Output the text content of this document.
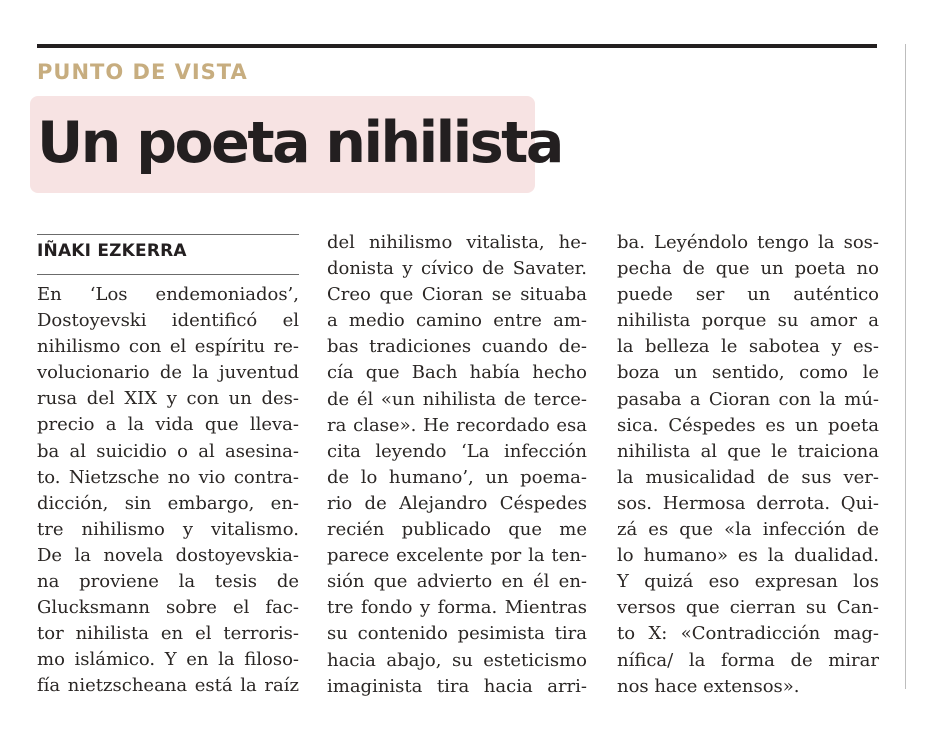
PUNTO DE VISTA
Un poeta nihilista
IÑAKI EZKERRA
En ‘Los endemoniados’,
Dostoyevski identificó el
nihilismo con el espíritu re-
volucionario de la juventud
rusa del XIX y con un des-
precio a la vida que lleva-
ba al suicidio o al asesina-
to. Nietzsche no vio contra-
dicción, sin embargo, en-
tre nihilismo y vitalismo.
De la novela dostoyevskia-
na proviene la tesis de
Glucksmann sobre el fac-
tor nihilista en el terroris-
mo islámico. Y en la filoso-
fía nietzscheana está la raíz
del nihilismo vitalista, he-
donista y cívico de Savater.
Creo que Cioran se situaba
a medio camino entre am-
bas tradiciones cuando de-
cía que Bach había hecho
de él «un nihilista de terce-
ra clase». He recordado esa
cita leyendo ‘La infección
de lo humano’, un poema-
rio de Alejandro Céspedes
recién publicado que me
parece excelente por la ten-
sión que advierto en él en-
tre fondo y forma. Mientras
su contenido pesimista tira
hacia abajo, su esteticismo
imaginista tira hacia arri-
ba. Leyéndolo tengo la sos-
pecha de que un poeta no
puede ser un auténtico
nihilista porque su amor a
la belleza le sabotea y es-
boza un sentido, como le
pasaba a Cioran con la mú-
sica. Céspedes es un poeta
nihilista al que le traiciona
la musicalidad de sus ver-
sos. Hermosa derrota. Qui-
zá es que «la infección de
lo humano» es la dualidad.
Y quizá eso expresan los
versos que cierran su Can-
to X: «Contradicción mag-
nífica/ la forma de mirar
nos hace extensos».
